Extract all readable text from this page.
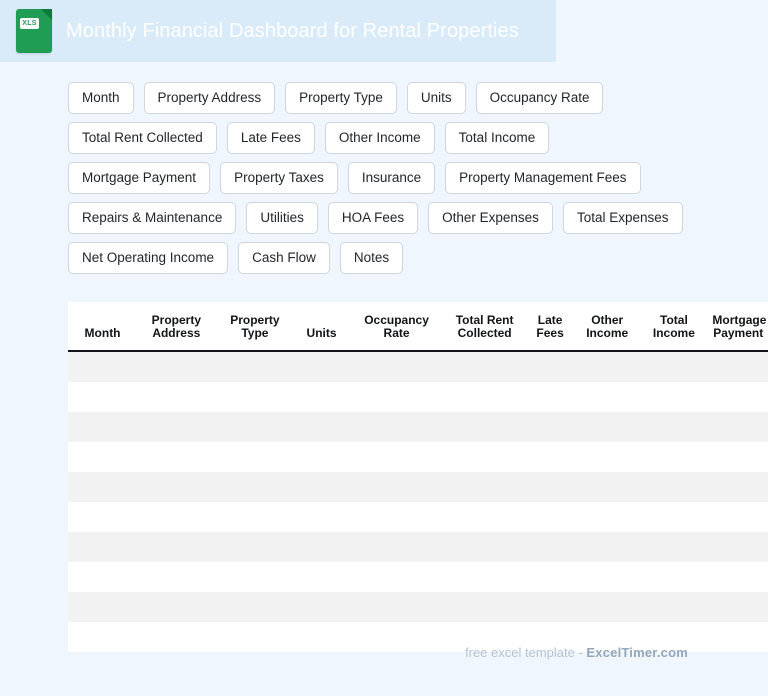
XLS Monthly Financial Dashboard for Rental Properties
Month	Property Address	Property Type	Units	Occupancy Rate
Total Rent Collected	Late Fees	Other Income	Total Income
Mortgage Payment	Property Taxes	Insurance	Property Management Fees
Repairs & Maintenance	Utilities	HOA Fees	Other Expenses	Total Expenses
Net Operating Income	Cash Flow	Notes
Month	Property Address	Property Type	Units	Occupancy Rate	Total Rent Collected	Late Fees	Other Income	Total Income	Mortgage Payment

free excel template - ExcelTimer.com
